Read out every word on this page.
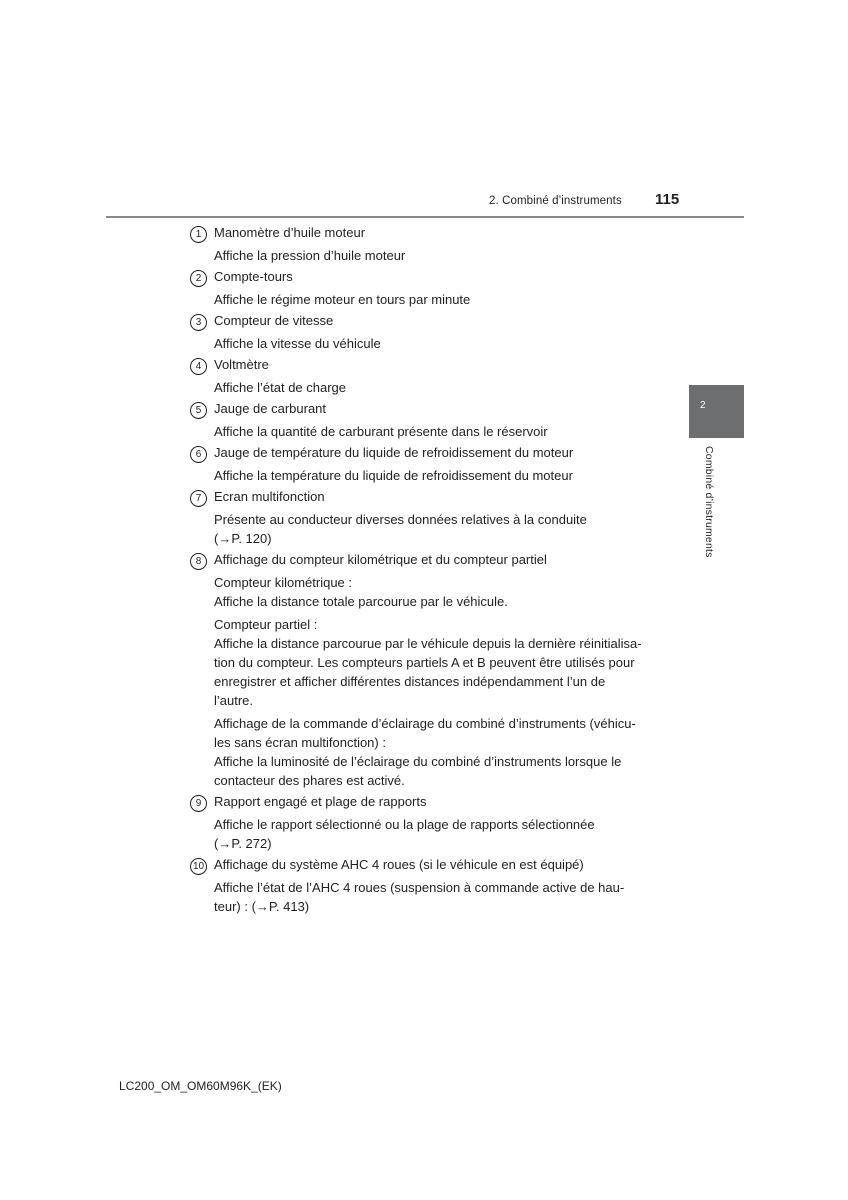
2. Combiné d’instruments 115
2
Combiné d’instruments
1 Manomètre d’huile moteur
Affiche la pression d’huile moteur
2 Compte-tours
Affiche le régime moteur en tours par minute
3 Compteur de vitesse
Affiche la vitesse du véhicule
4 Voltmètre
Affiche l’état de charge
5 Jauge de carburant
Affiche la quantité de carburant présente dans le réservoir
6 Jauge de température du liquide de refroidissement du moteur
Affiche la température du liquide de refroidissement du moteur
7 Ecran multifonction
Présente au conducteur diverses données relatives à la conduite
(→P. 120)
8 Affichage du compteur kilométrique et du compteur partiel
Compteur kilométrique :
Affiche la distance totale parcourue par le véhicule.
Compteur partiel :
Affiche la distance parcourue par le véhicule depuis la dernière réinitialisa-
tion du compteur. Les compteurs partiels A et B peuvent être utilisés pour
enregistrer et afficher différentes distances indépendamment l’un de
l’autre.
Affichage de la commande d’éclairage du combiné d’instruments (véhicu-
les sans écran multifonction) :
Affiche la luminosité de l’éclairage du combiné d’instruments lorsque le
contacteur des phares est activé.
9 Rapport engagé et plage de rapports
Affiche le rapport sélectionné ou la plage de rapports sélectionnée
(→P. 272)
10 Affichage du système AHC 4 roues (si le véhicule en est équipé)
Affiche l’état de l’AHC 4 roues (suspension à commande active de hau-
teur) : (→P. 413)
LC200_OM_OM60M96K_(EK)
